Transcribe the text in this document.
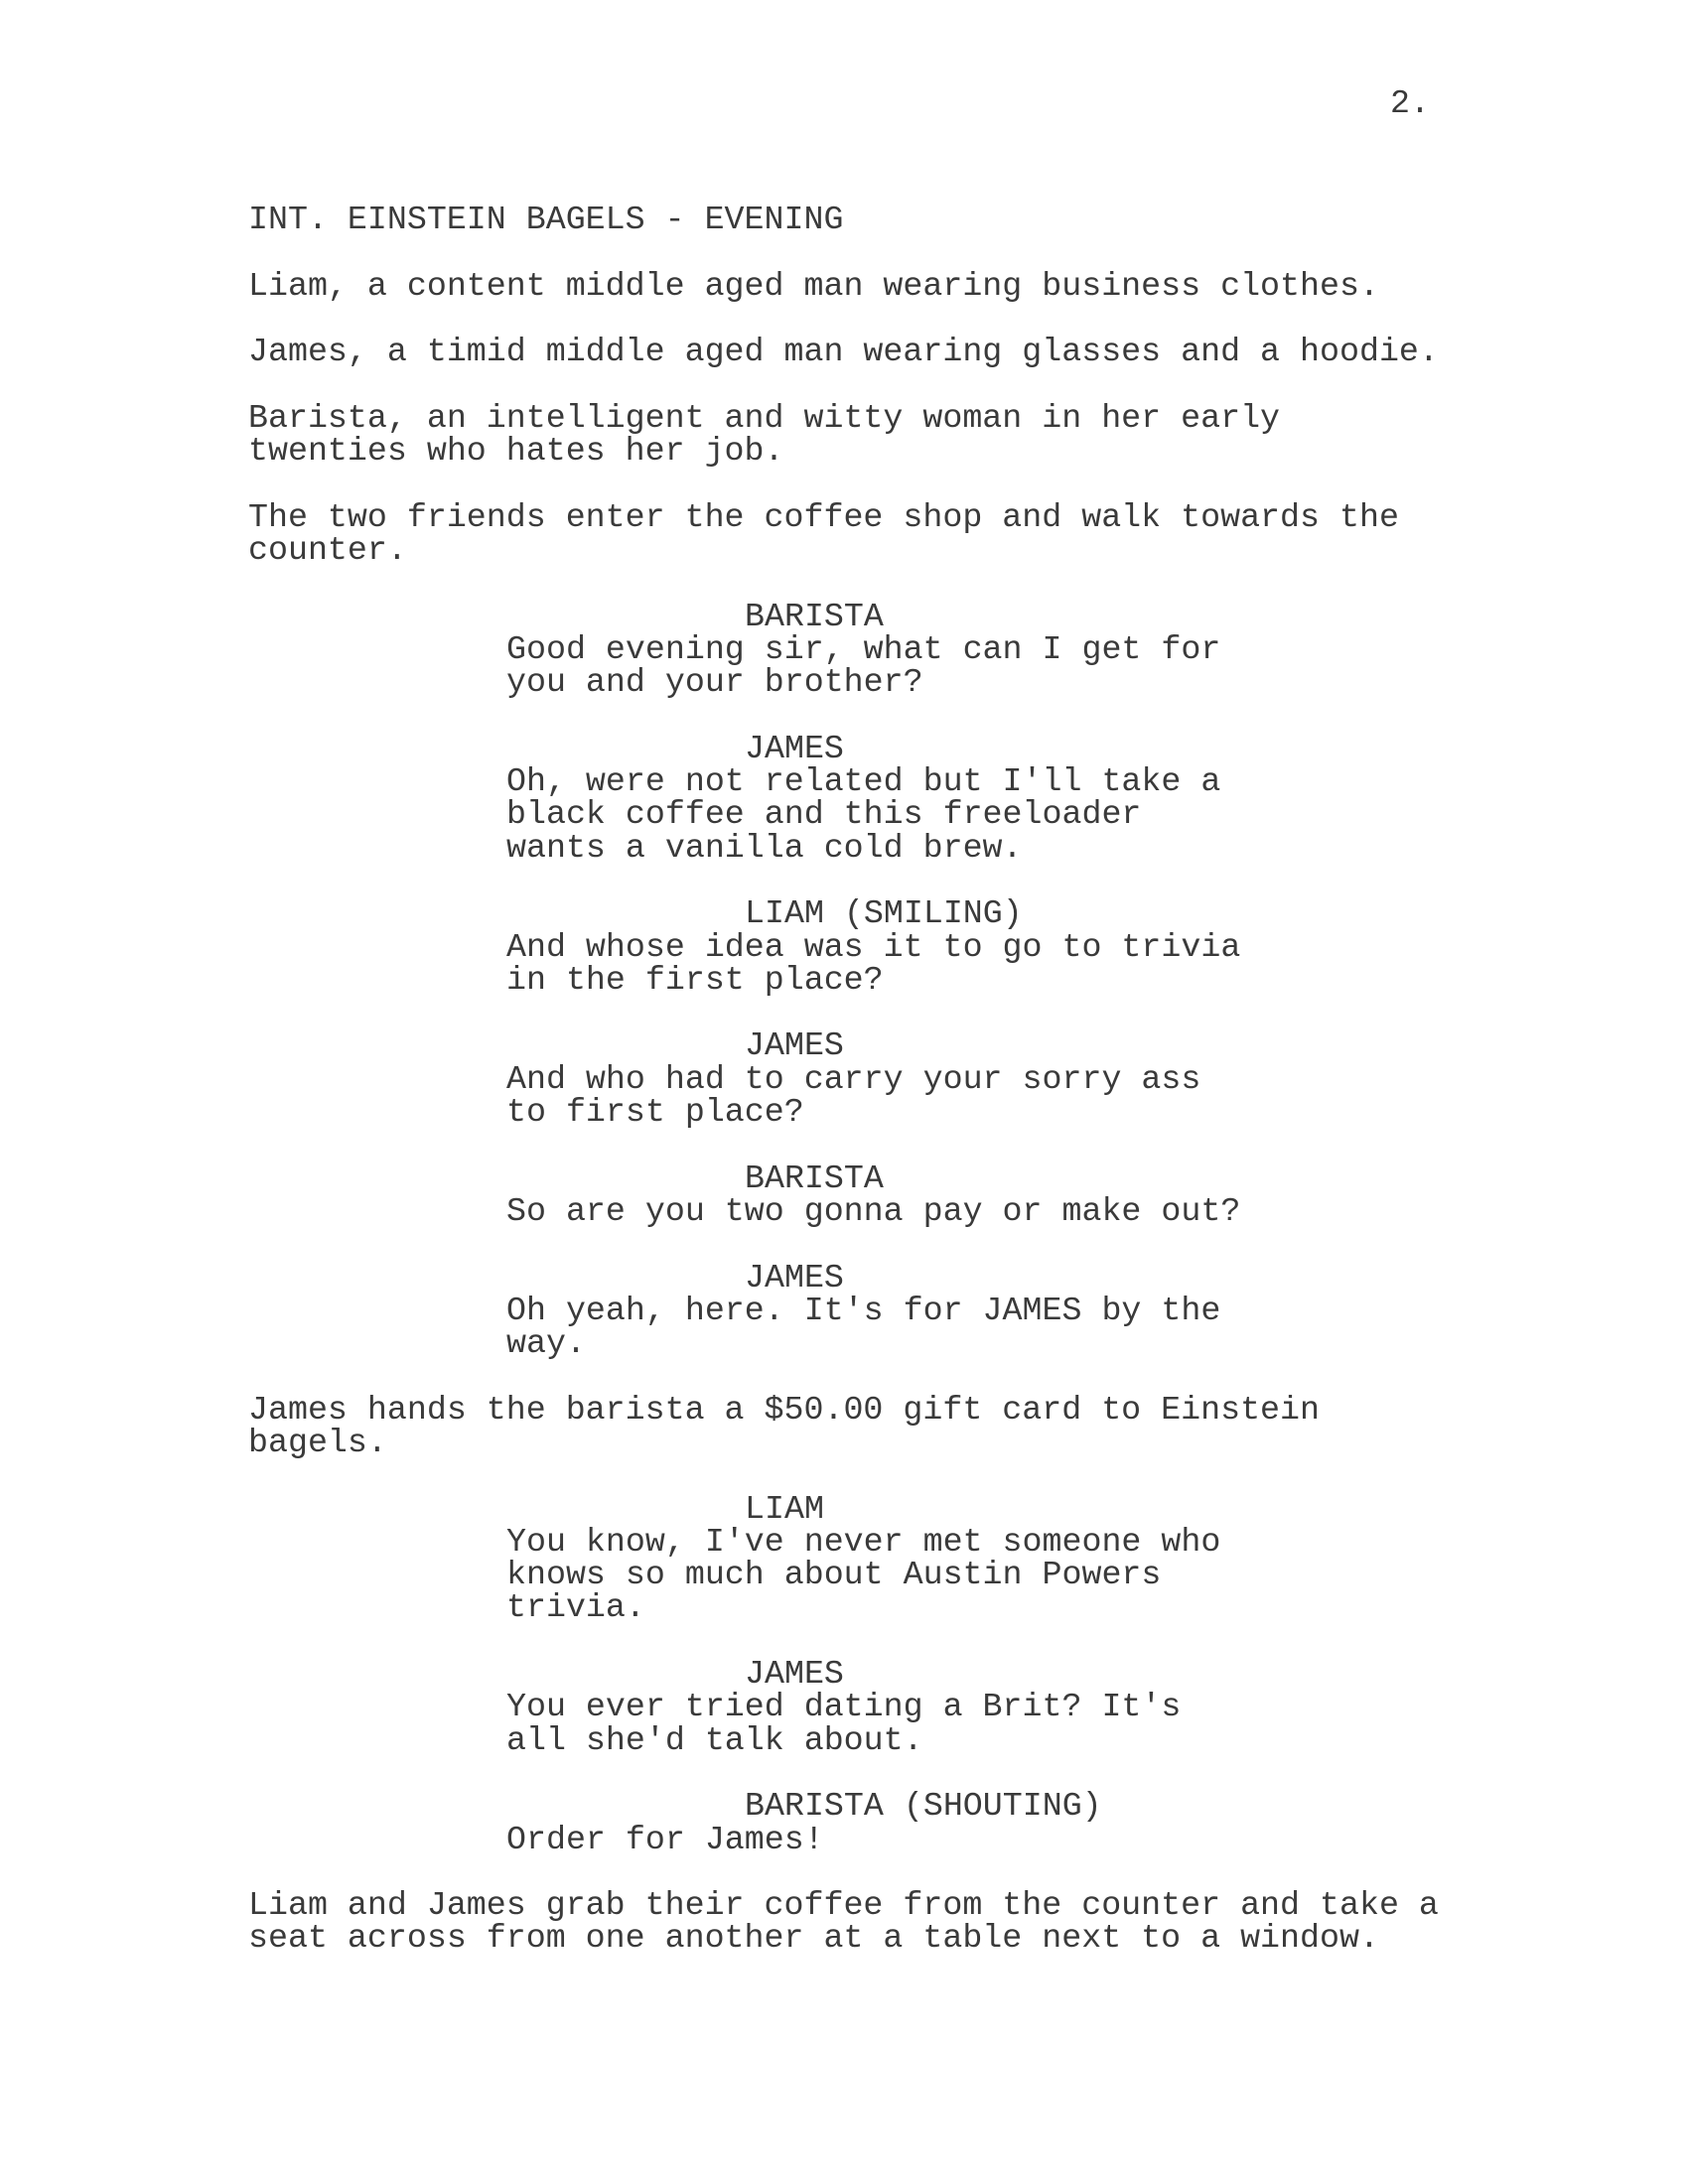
2.
INT. EINSTEIN BAGELS - EVENING
Liam, a content middle aged man wearing business clothes.
James, a timid middle aged man wearing glasses and a hoodie.
Barista, an intelligent and witty woman in her early
twenties who hates her job.
The two friends enter the coffee shop and walk towards the
counter.
BARISTA
Good evening sir, what can I get for
you and your brother?
JAMES
Oh, were not related but I'll take a
black coffee and this freeloader
wants a vanilla cold brew.
LIAM (SMILING)
And whose idea was it to go to trivia
in the first place?
JAMES
And who had to carry your sorry ass
to first place?
BARISTA
So are you two gonna pay or make out?
JAMES
Oh yeah, here. It's for JAMES by the
way.
James hands the barista a $50.00 gift card to Einstein
bagels.
LIAM
You know, I've never met someone who
knows so much about Austin Powers
trivia.
JAMES
You ever tried dating a Brit? It's
all she'd talk about.
BARISTA (SHOUTING)
Order for James!
Liam and James grab their coffee from the counter and take a
seat across from one another at a table next to a window.
